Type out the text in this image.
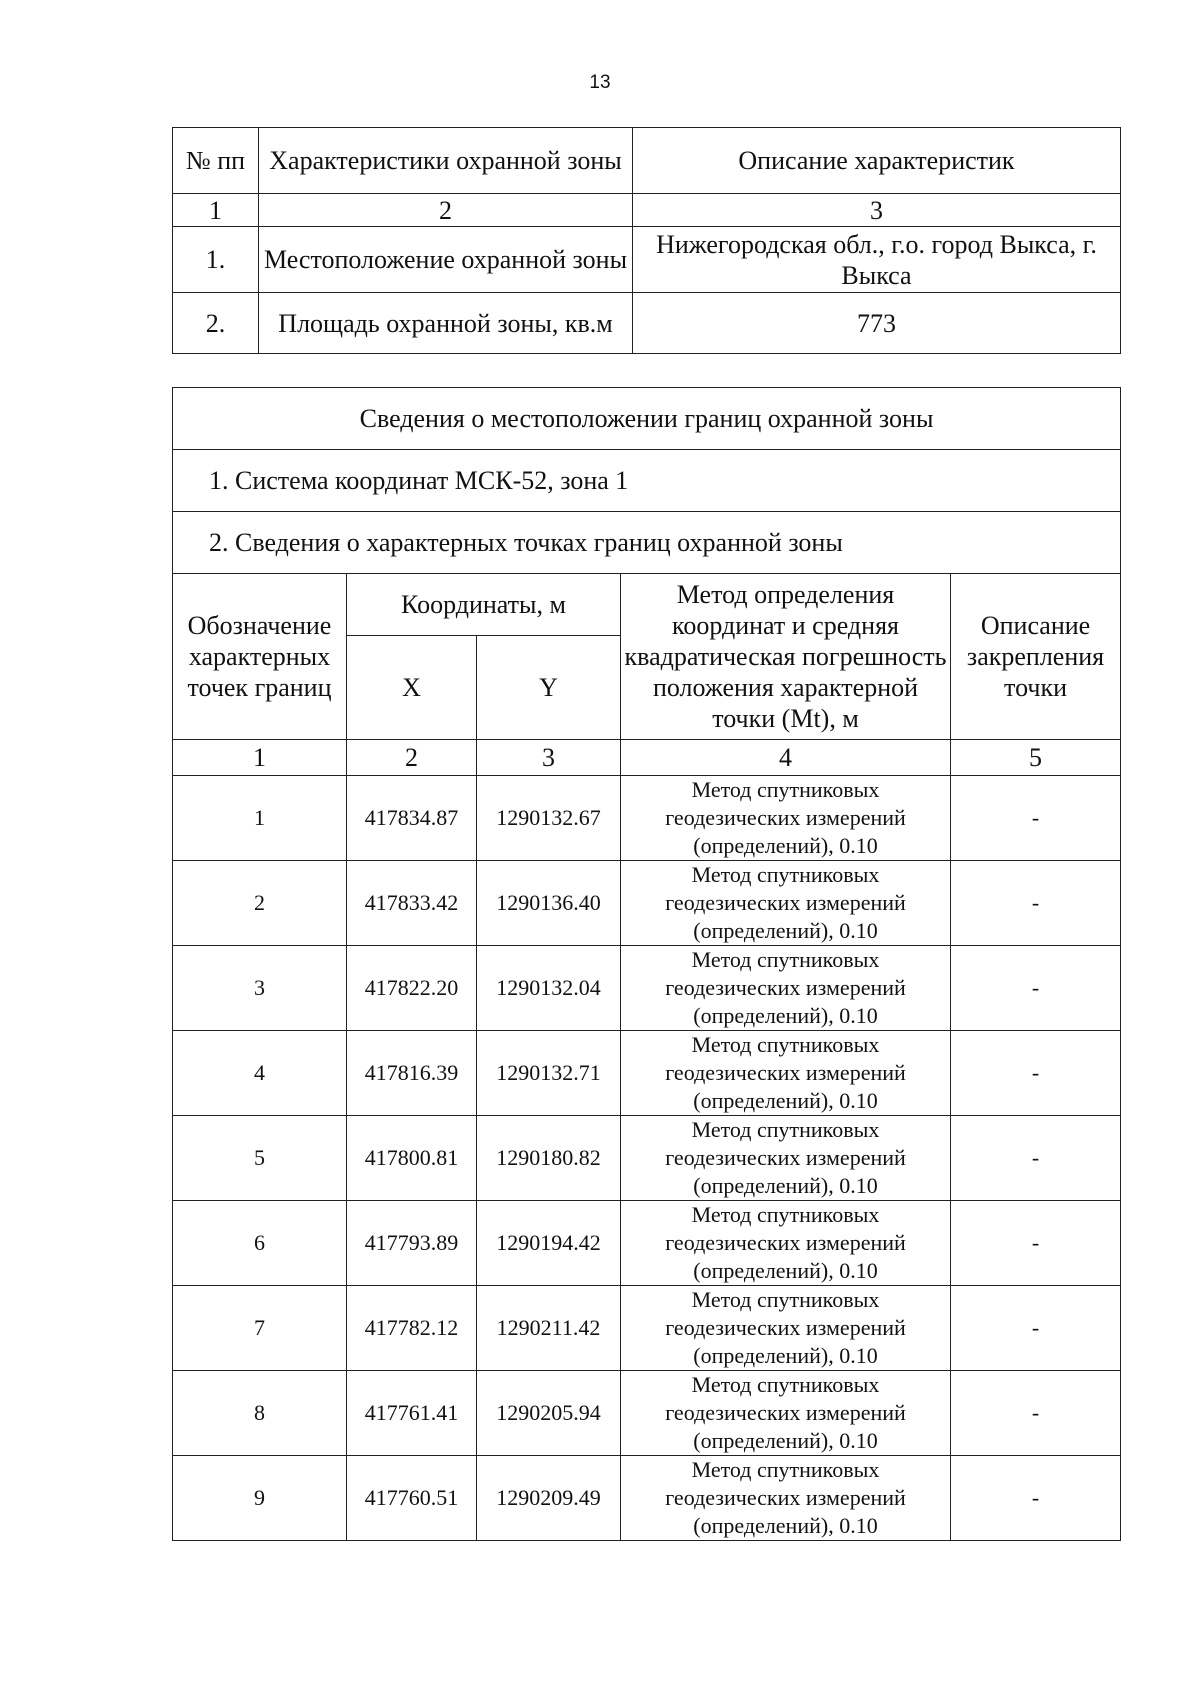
13
№ пп	Характеристики охранной зоны	Описание характеристик
1	2	3
1.	Местоположение охранной зоны	Нижегородская обл., г.о. город Выкса, г. Выкса
2.	Площадь охранной зоны, кв.м	773
Сведения о местоположении границ охранной зоны				
1. Система координат МСК-52, зона 1				
2. Сведения о характерных точках границ охранной зоны				
Обозначение характерных точек границ	Координаты, м		Метод определения координат и средняя квадратическая погрешность положения характерной точки (Mt), м	Описание закрепления точки
	X	Y		
1	2	3	4	5
1	417834.87	1290132.67	Метод спутниковых геодезических измерений (определений), 0.10	-
2	417833.42	1290136.40	Метод спутниковых геодезических измерений (определений), 0.10	-
3	417822.20	1290132.04	Метод спутниковых геодезических измерений (определений), 0.10	-
4	417816.39	1290132.71	Метод спутниковых геодезических измерений (определений), 0.10	-
5	417800.81	1290180.82	Метод спутниковых геодезических измерений (определений), 0.10	-
6	417793.89	1290194.42	Метод спутниковых геодезических измерений (определений), 0.10	-
7	417782.12	1290211.42	Метод спутниковых геодезических измерений (определений), 0.10	-
8	417761.41	1290205.94	Метод спутниковых геодезических измерений (определений), 0.10	-
9	417760.51	1290209.49	Метод спутниковых геодезических измерений (определений), 0.10	-
